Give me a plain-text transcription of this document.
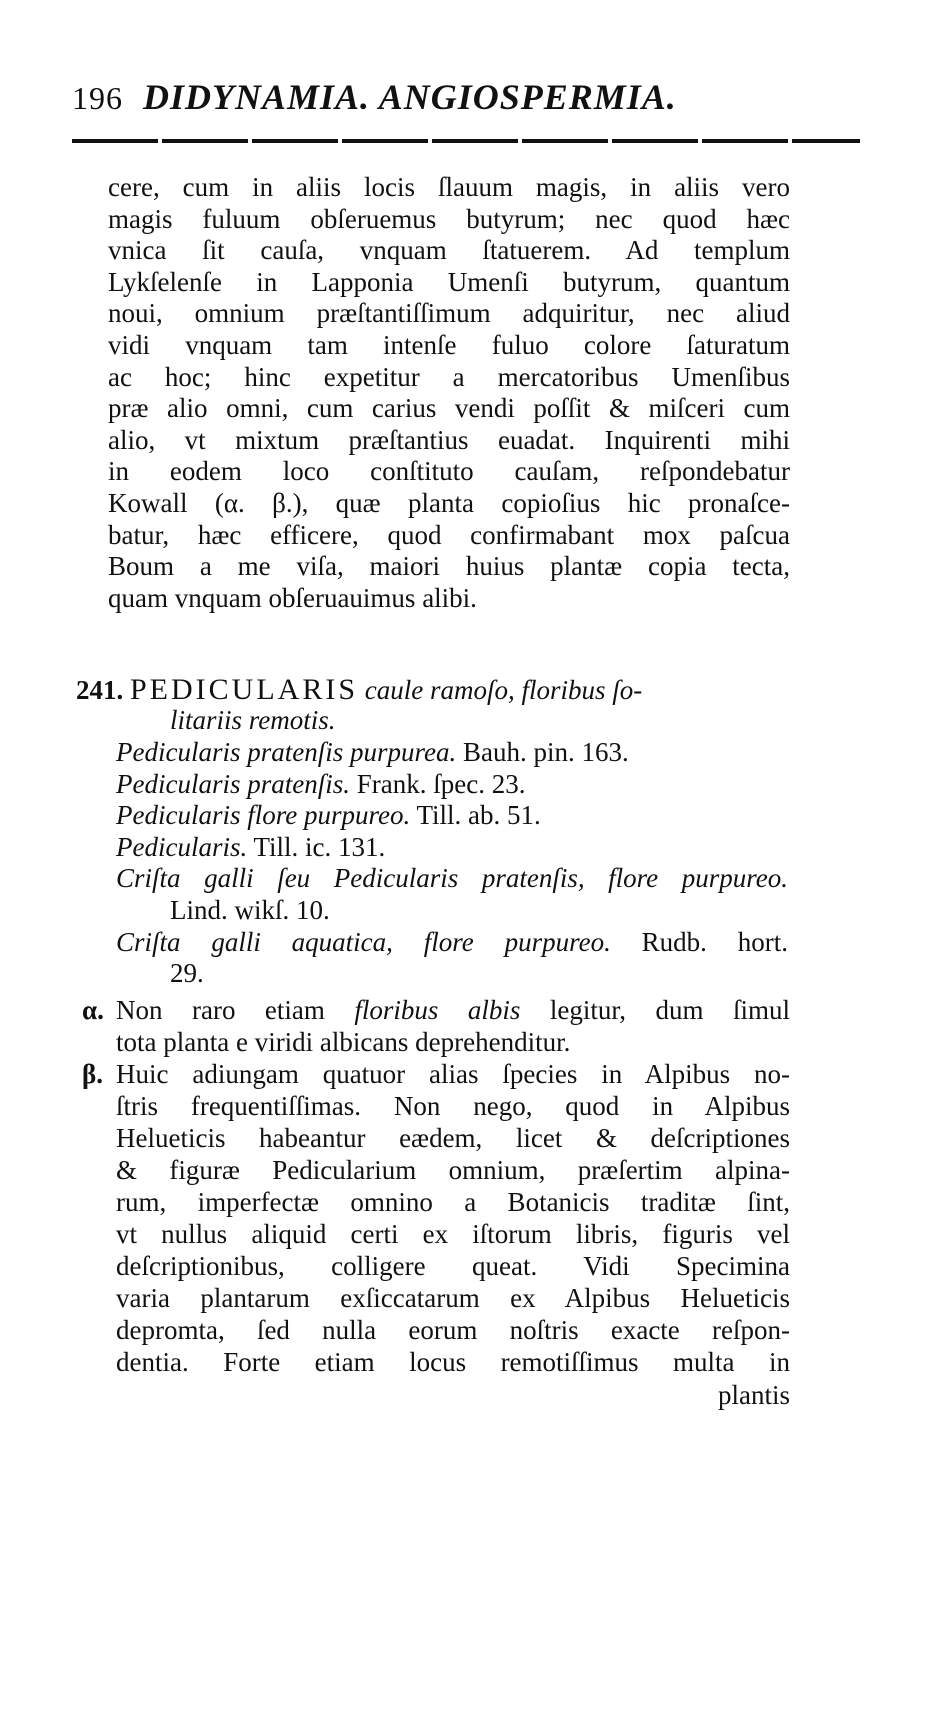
196 DIDYNAMIA. ANGIOSPERMIA.
cere, cum in aliis locis ſlauum magis, in aliis vero
magis fuluum obſeruemus butyrum; nec quod hæc
vnica ſit cauſa, vnquam ſtatuerem. Ad templum
Lykſelenſe in Lapponia Umenſi butyrum, quantum
noui, omnium præſtantiſſimum adquiritur, nec aliud
vidi vnquam tam intenſe fuluo colore ſaturatum
ac hoc; hinc expetitur a mercatoribus Umenſibus
præ alio omni, cum carius vendi poſſit & miſceri cum
alio, vt mixtum præſtantius euadat. Inquirenti mihi
in eodem loco conſtituto cauſam, reſpondebatur
Kowall (α. β.), quæ planta copioſius hic pronaſce-
batur, hæc efficere, quod confirmabant mox paſcua
Boum a me viſa, maiori huius plantæ copia tecta,
quam vnquam obſeruauimus alibi.
241. PEDICULARIS caule ramoſo, floribus ſo-
litariis remotis.
Pedicularis pratenſis purpurea. Bauh. pin. 163.
Pedicularis pratenſis. Frank. ſpec. 23.
Pedicularis flore purpureo. Till. ab. 51.
Pedicularis. Till. ic. 131.
Criſta galli ſeu Pedicularis pratenſis, flore purpureo.
Lind. wikſ. 10.
Criſta galli aquatica, flore purpureo. Rudb. hort.
29.
α. Non raro etiam floribus albis legitur, dum ſimul
tota planta e viridi albicans deprehenditur.
β. Huic adiungam quatuor alias ſpecies in Alpibus no-
ſtris frequentiſſimas. Non nego, quod in Alpibus
Helueticis habeantur eædem, licet & deſcriptiones
& figuræ Pedicularium omnium, præſertim alpina-
rum, imperfectæ omnino a Botanicis traditæ ſint,
vt nullus aliquid certi ex iſtorum libris, figuris vel
deſcriptionibus, colligere queat. Vidi Specimina
varia plantarum exſiccatarum ex Alpibus Helueticis
depromta, ſed nulla eorum noſtris exacte reſpon-
dentia. Forte etiam locus remotiſſimus multa in
plantis
